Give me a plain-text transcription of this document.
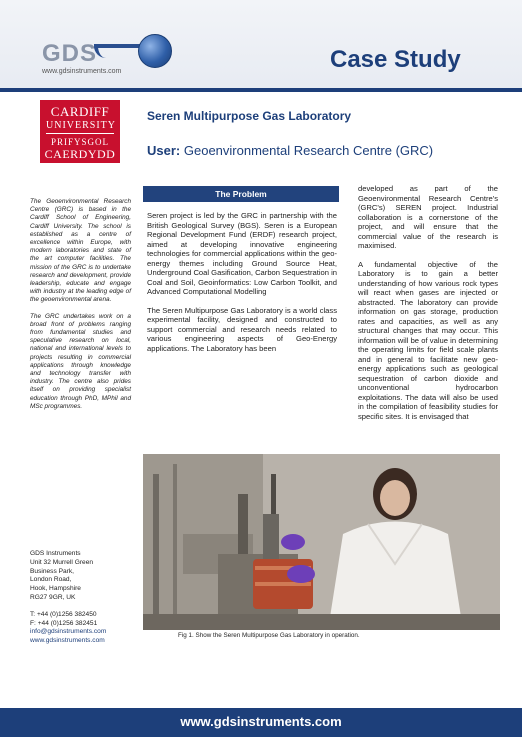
GDS
www.gdsinstruments.com	Case Study
CARDIFF
UNIVERSITY
PRIFYSGOL
CAERDYDD
Seren Multipurpose Gas Laboratory
User: Geoenvironmental Research Centre (GRC)

The Geoenvironmental Research Centre (GRC) is based in the Cardiff School of Engineering, Cardiff University. The school is established as a centre of excellence within Europe, with modern laboratories and state of the art computer facilities. The mission of the GRC is to undertake research and development, provide leadership, educate and engage with industry at the leading edge of the geoenvironmental arena.

The GRC undertakes work on a broad front of problems ranging from fundamental studies and speculative research on local, national and international levels to projects resulting in commercial applications through knowledge and technology transfer with industry. The centre also prides itself on providing specialist education through PhD, MPhil and MSc programmes.

GDS Instruments
Unit 32 Murrell Green
Business Park,
London Road,
Hook, Hampshire
RG27 9GR, UK
T: +44 (0)1256 382450
F: +44 (0)1256 382451
info@gdsinstruments.com
www.gdsinstruments.com
The Problem

Seren project is led by the GRC in partnership with the British Geological Survey (BGS). Seren is a European Regional Development Fund (ERDF) research project, aimed at developing innovative engineering technologies for commercial applications within the geo-energy themes including Ground Source Heat, Underground Coal Gasification, Carbon Sequestration in Coal and Soil, Geoinformatics: Low Carbon Toolkit, and Advanced Computational Modelling

The Seren Multipurpose Gas Laboratory is a world class experimental facility, designed and constructed to support commercial and research needs related to various engineering aspects of Geo-Energy applications. The Laboratory has been

developed as part of the Geoenvironmental Research Centre's (GRC's) SEREN project. Industrial collaboration is a cornerstone of the project, and will ensure that the commercial value of the research is maximised.

A fundamental objective of the Laboratory is to gain a better understanding of how various rock types will react when gases are injected or abstracted. The laboratory can provide information on gas storage, production rates and capacities, as well as any structural changes that may occur. This information will be of value in determining the operating limits for field scale plants and in general to facilitate new geo-energy applications such as geological sequestration of carbon dioxide and unconventional hydrocarbon exploitations. The data will also be used in the compilation of feasibility studies for specific sites. It is envisaged that

Fig 1. Show the Seren Multipurpose Gas Laboratory in operation.
www.gdsinstruments.com
